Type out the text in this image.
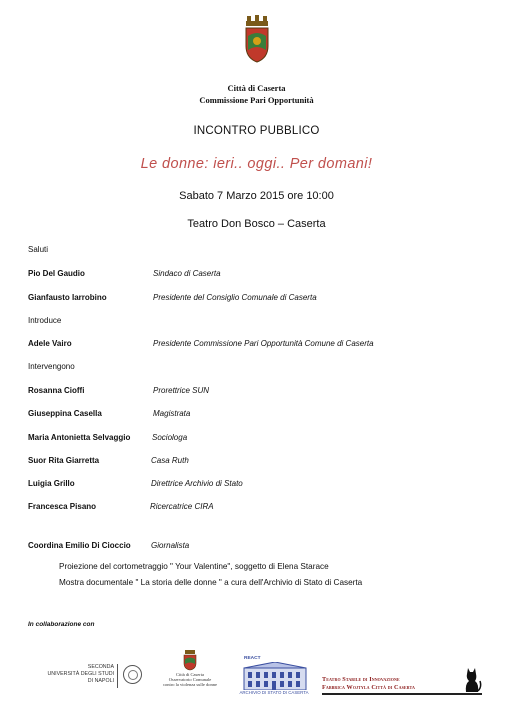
Città di Caserta
Commissione Pari Opportunità
INCONTRO PUBBLICO
Le donne: ieri.. oggi.. Per domani!
Sabato 7 Marzo 2015 ore 10:00
Teatro Don Bosco – Caserta
Saluti
Pio Del Gaudio	Sindaco di Caserta
Gianfausto Iarrobino	Presidente del Consiglio Comunale di Caserta
Introduce
Adele Vairo	Presidente Commissione Pari Opportunità Comune di Caserta
Intervengono
Rosanna Cioffi	Prorettrice SUN
Giuseppina Casella	Magistrata
Maria Antonietta Selvaggio	Sociologa
Suor Rita Giarretta	Casa Ruth
Luigia Grillo	Direttrice Archivio di Stato
Francesca Pisano	Ricercatrice CIRA
Coordina Emilio Di Cioccio	Giornalista
Proiezione del cortometraggio " Your Valentine", soggetto di Elena Starace
Mostra documentale " La storia delle donne " a cura dell'Archivio di Stato di Caserta
In collaborazione con
SECONDA
UNIVERSITÀ DEGLI STUDI
DI NAPOLI
Città di Caserta
Osservatorio Comunale
contro la violenza sulle donne
REACT
ARCHIVIO DI STATO DI CASERTA
Teatro Stabile di Innovazione
Fabbrica Wojtyla Città di Caserta
